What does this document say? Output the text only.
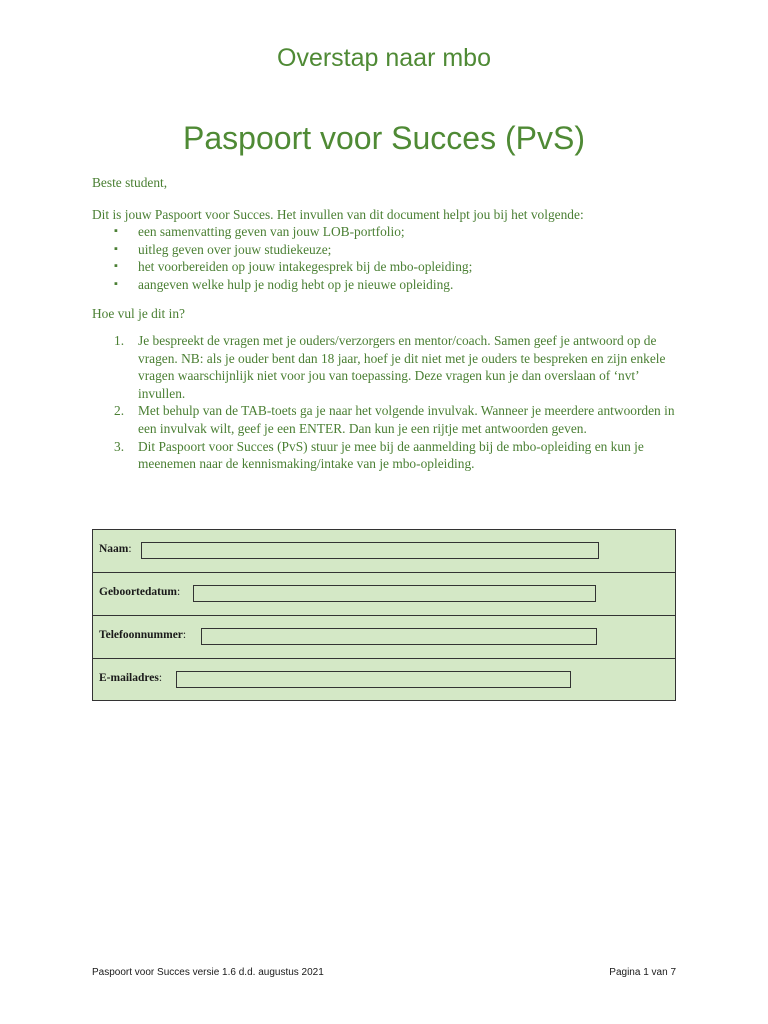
Overstap naar mbo
Paspoort voor Succes (PvS)
Beste student,
Dit is jouw Paspoort voor Succes. Het invullen van dit document helpt jou bij het volgende:
▪ een samenvatting geven van jouw LOB-portfolio;
▪ uitleg geven over jouw studiekeuze;
▪ het voorbereiden op jouw intakegesprek bij de mbo-opleiding;
▪ aangeven welke hulp je nodig hebt op je nieuwe opleiding.
Hoe vul je dit in?
1. Je bespreekt de vragen met je ouders/verzorgers en mentor/coach. Samen geef je antwoord op de vragen. NB: als je ouder bent dan 18 jaar, hoef je dit niet met je ouders te bespreken en zijn enkele vragen waarschijnlijk niet voor jou van toepassing. Deze vragen kun je dan overslaan of ‘nvt’ invullen.
2. Met behulp van de TAB-toets ga je naar het volgende invulvak. Wanneer je meerdere antwoorden in een invulvak wilt, geef je een ENTER. Dan kun je een rijtje met antwoorden geven.
3. Dit Paspoort voor Succes (PvS) stuur je mee bij de aanmelding bij de mbo-opleiding en kun je meenemen naar de kennismaking/intake van je mbo-opleiding.
Naam:
Geboortedatum:
Telefoonnummer:
E-mailadres:
Paspoort voor Succes versie 1.6 d.d. augustus 2021	Pagina 1 van 7
